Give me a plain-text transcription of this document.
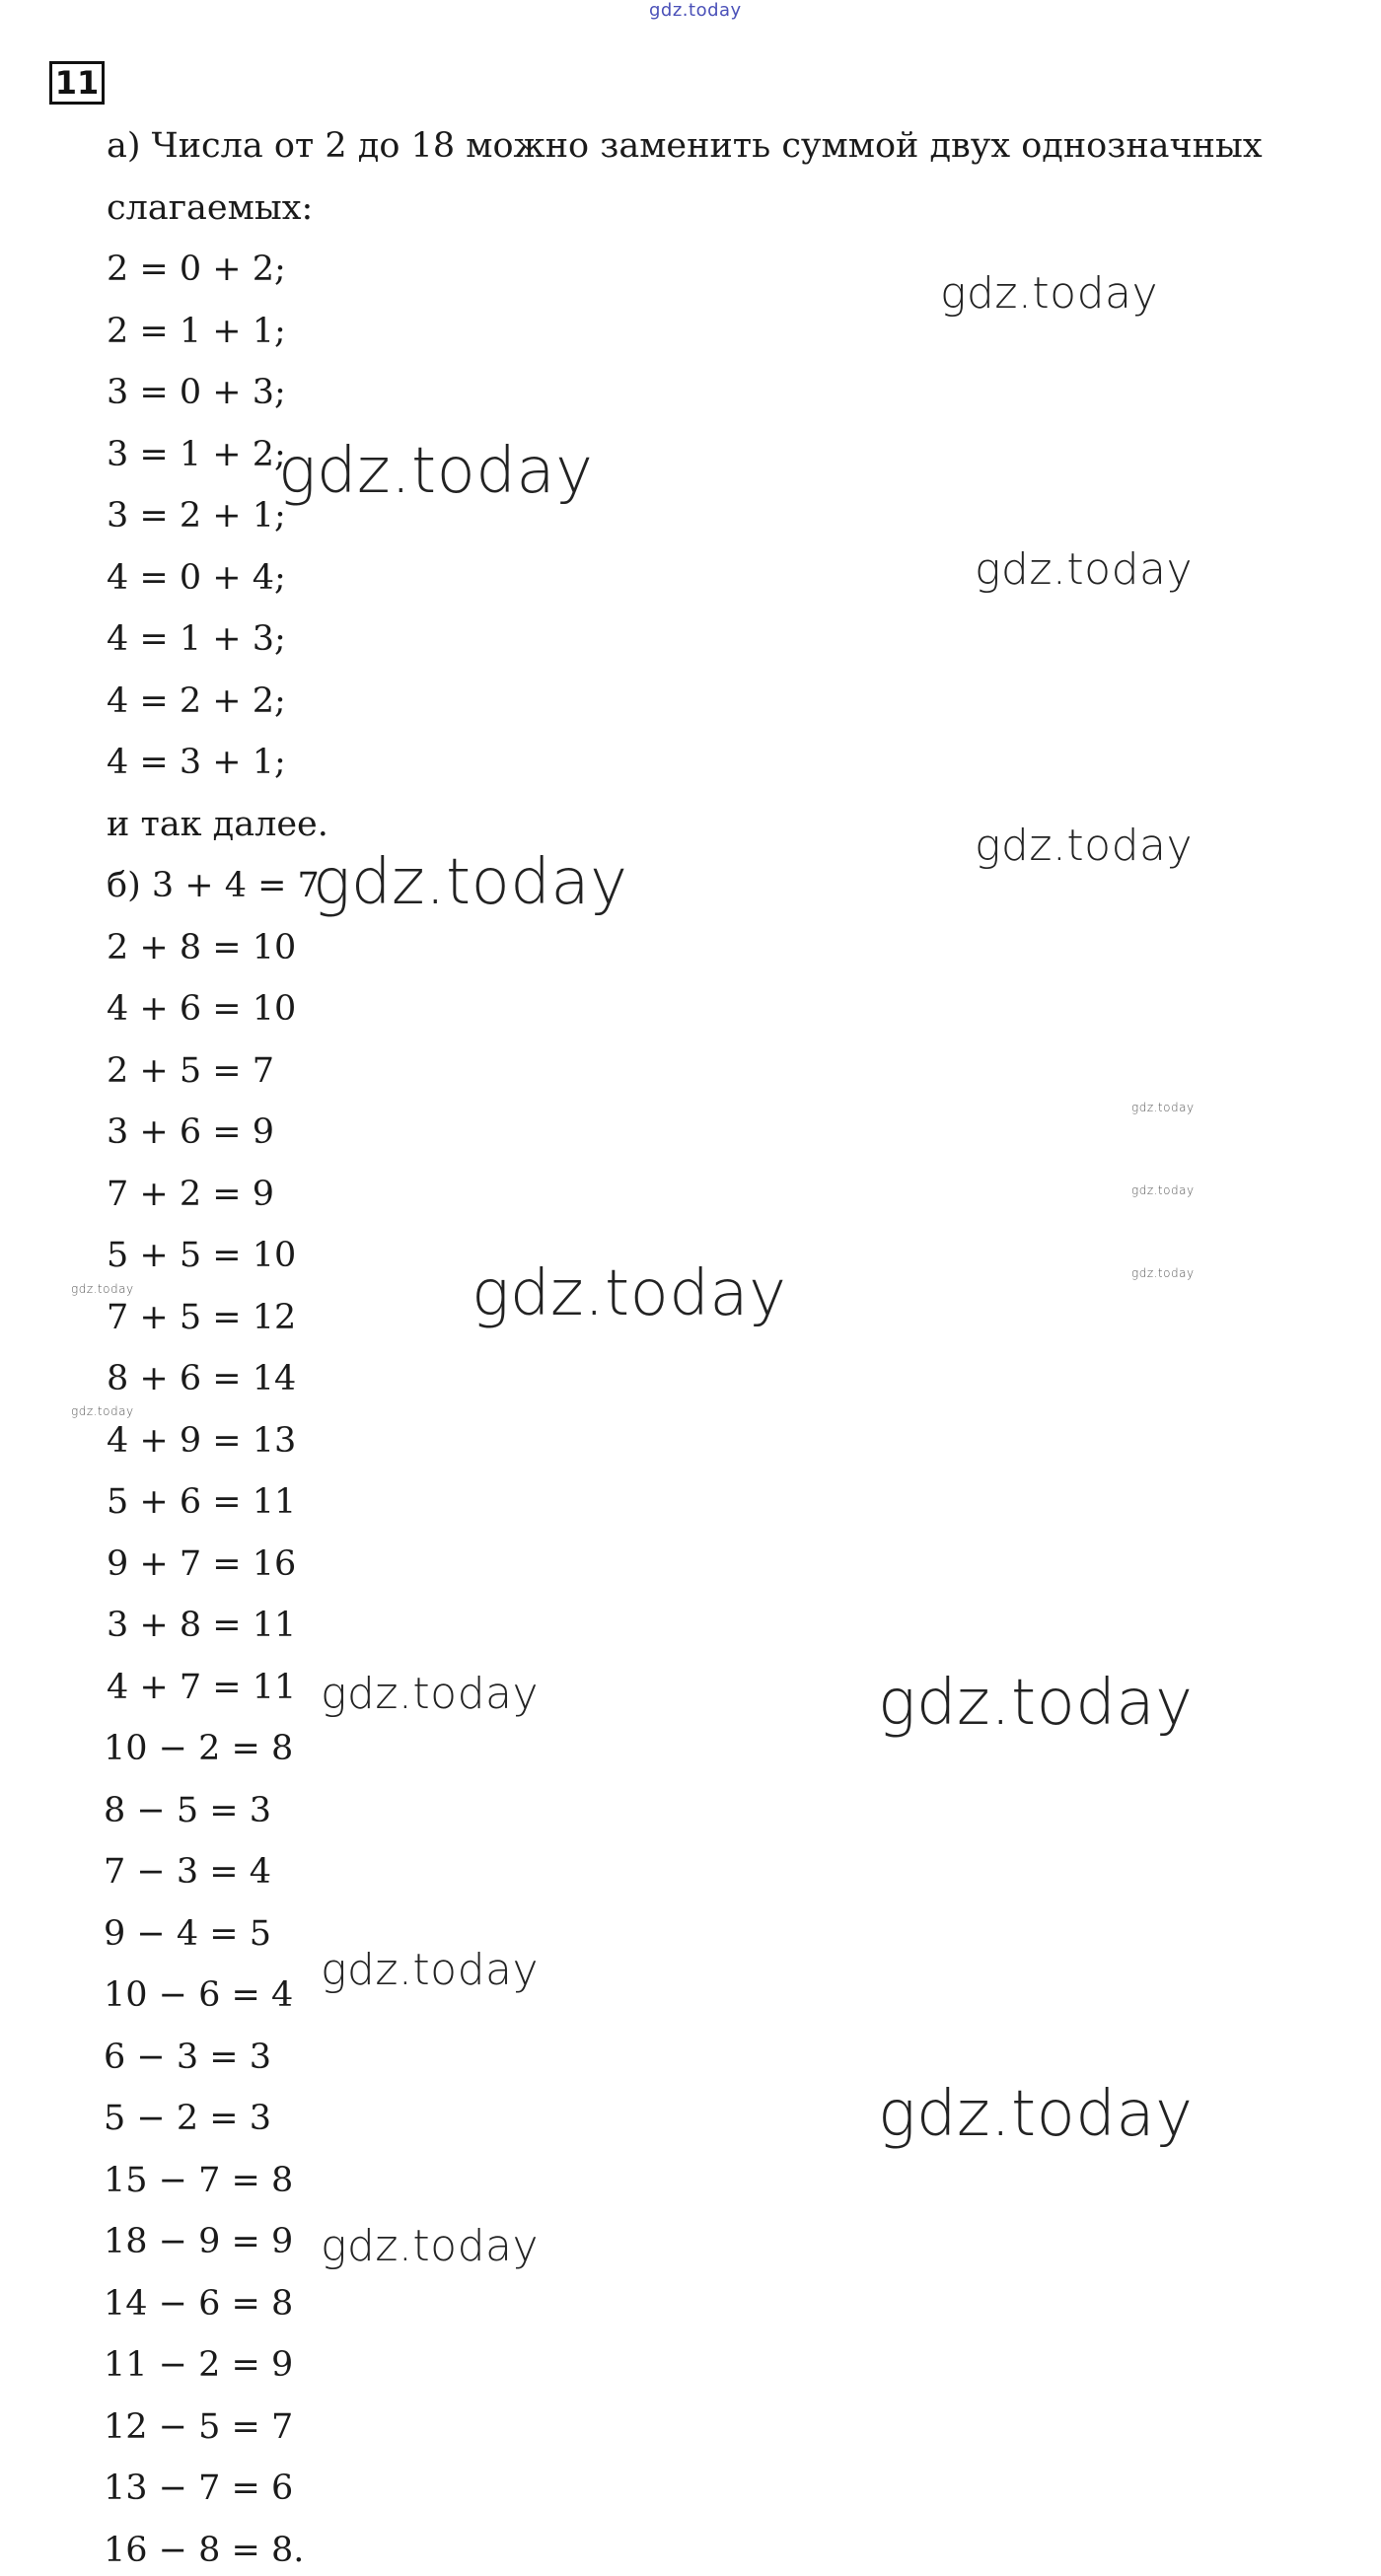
gdz.today
11
а) Числа от 2 до 18 можно заменить суммой двух однозначных
слагаемых:
2 = 0 + 2;
2 = 1 + 1;
3 = 0 + 3;
3 = 1 + 2;
3 = 2 + 1;
4 = 0 + 4;
4 = 1 + 3;
4 = 2 + 2;
4 = 3 + 1;
и так далее.
б) 3 + 4 = 7
2 + 8 = 10
4 + 6 = 10
2 + 5 = 7
3 + 6 = 9
7 + 2 = 9
5 + 5 = 10
7 + 5 = 12
8 + 6 = 14
4 + 9 = 13
5 + 6 = 11
9 + 7 = 16
3 + 8 = 11
4 + 7 = 11
10 − 2 = 8
8 − 5 = 3
7 − 3 = 4
9 − 4 = 5
10 − 6 = 4
6 − 3 = 3
5 − 2 = 3
15 − 7 = 8
18 − 9 = 9
14 − 6 = 8
11 − 2 = 9
12 − 5 = 7
13 − 7 = 6
16 − 8 = 8.
gdz.today
gdz.today
gdz.today
gdz.today
gdz.today
gdz.today
gdz.today
gdz.today
gdz.today	gdz.today
gdz.today
gdz.today	gdz.today
gdz.today
gdz.today
gdz.today
